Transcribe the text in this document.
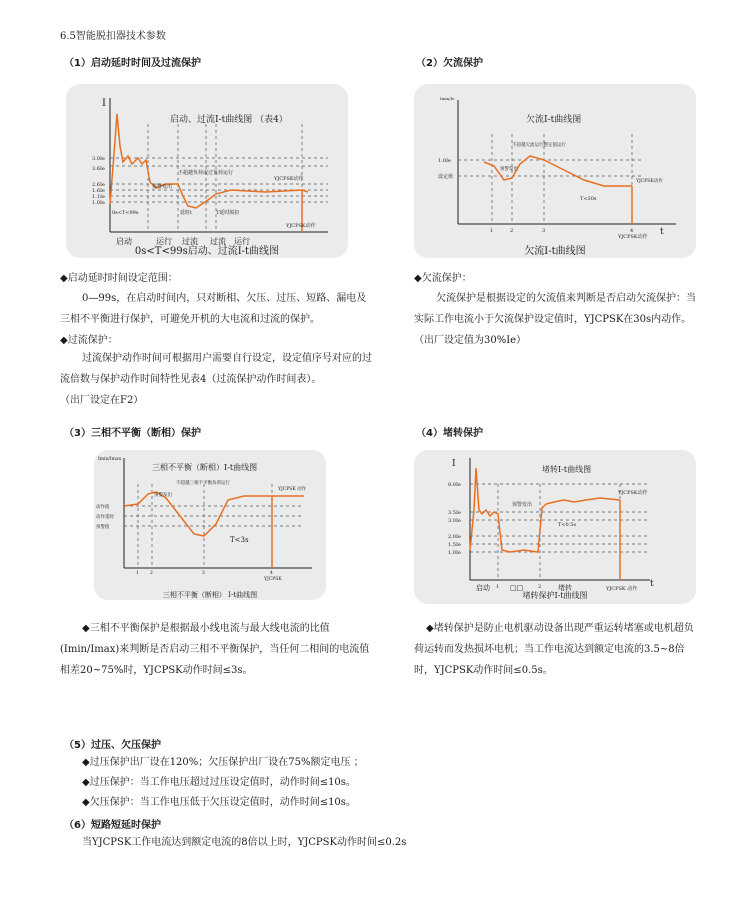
6.5智能脱扣器技术参数
（1）启动延时时间及过流保护
I
启动、过流I-t曲线图 （表4）
3.0Ie
3.6Ie
2.6Ie
1.6Ie
1.1Ie
1.0Ie
预警发出
不超越负荷或过负荷运行
YJCPSK动作
延时t	T延时脱扣
0s<T<99s
YJCPSK动作
启动	运行 过流 过流 运行
0s<T<99s启动、过流I-t曲线图
◆启动延时时间设定范围：
0—99s，在启动时间内，只对断相、欠压、过压、短路、漏电及三相不平衡进行保护，可避免开机的大电流和过流的保护。
◆过流保护：
过流保护动作时间可根据用户需要自行设定，设定值序号对应的过流倍数与保护动作时间特性见表4（过流保护动作时间表）。
（出厂设定在F2）
（2）欠流保护
Imin/Ie
欠流I-t曲线图
1.0Ie
设定值
预警发出
不超越欠流运行整定值运行
T<30s
YJCPSK动作
1	2	3	4
YJCPSK动作 t
欠流I-t曲线图
◆欠流保护：
欠流保护是根据设定的欠流值来判断是否启动欠流保护：当实际工作电流小于欠流保护设定值时，YJCPSK在30s内动作。（出厂设定值为30%Ie）
（3）三相不平衡（断相）保护
Imin/Imax
三相不平衡（断相）I-t曲线图
动作值
动作延时
预警值
预警发出
不超越三相不平衡负荷运行
YJCPSK 动作
T<3s
1 2	3	4
YJCPSK
三相不平衡（断相） I-t曲线图
◆三相不平衡保护是根据最小线电流与最大线电流的比值(Imin/Imax)来判断是否启动三相不平衡保护，当任何二相间的电流值相差20~75%时，YJCPSK动作时间≤3s。
（4）堵转保护
I
堵转I-t曲线图
8.0Ie
3.5Ie
3.0Ie
2.0Ie
1.5Ie
1.0Ie
预警发出
YJCPSK动作
T<0.5s
启动	□□	堵转
1	2	YJCPSK 动作 t
堵转保护I-t曲线图
◆堵转保护是防止电机驱动设备出现严重运转堵塞或电机超负荷运转而发热损坏电机；当工作电流达到额定电流的3.5~8倍时，YJCPSK动作时间≤0.5s。
（5）过压、欠压保护
◆过压保护出厂设在120%；欠压保护出厂设在75%额定电压 ；
◆过压保护：当工作电压超过过压设定值时，动作时间≤10s。
◆欠压保护：当工作电压低于欠压设定值时，动作时间≤10s。
（6）短路短延时保护
当YJCPSK工作电流达到额定电流的8倍以上时，YJCPSK动作时间≤0.2s
